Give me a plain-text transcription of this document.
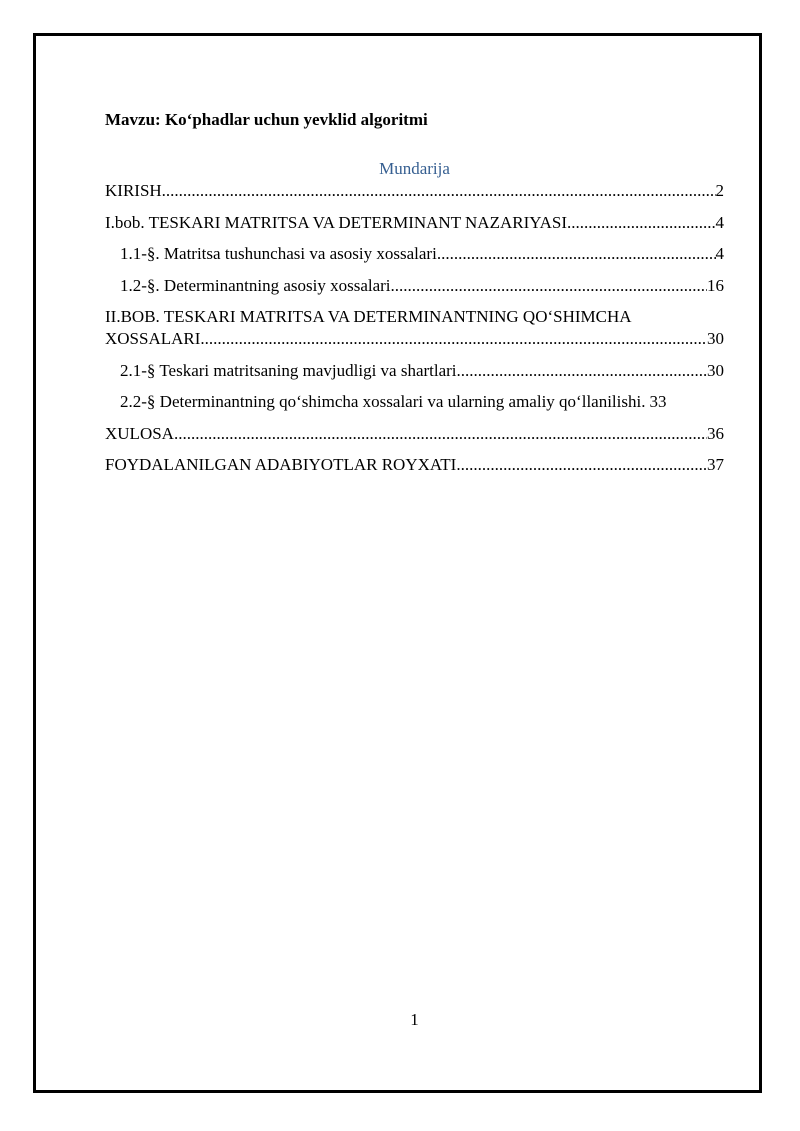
Mavzu: Ko‘phadlar uchun yevklid algoritmi
Mundarija
KIRISH .....	2
I.bob. TESKARI MATRITSA VA DETERMINANT NAZARIYASI .....	4
1.1-§. Matritsa tushunchasi va asosiy xossalari .....	4
1.2-§. Determinantning asosiy xossalari .....	16
II.BOB. TESKARI MATRITSA VA DETERMINANTNING QO‘SHIMCHA
XOSSALARI .....	30
2.1-§ Teskari matritsaning mavjudligi va shartlari .....	30
2.2-§ Determinantning qo‘shimcha xossalari va ularning amaliy qo‘llanilishi. 33
XULOSA .....	36
FOYDALANILGAN ADABIYOTLAR ROYXATI .....	37
1
